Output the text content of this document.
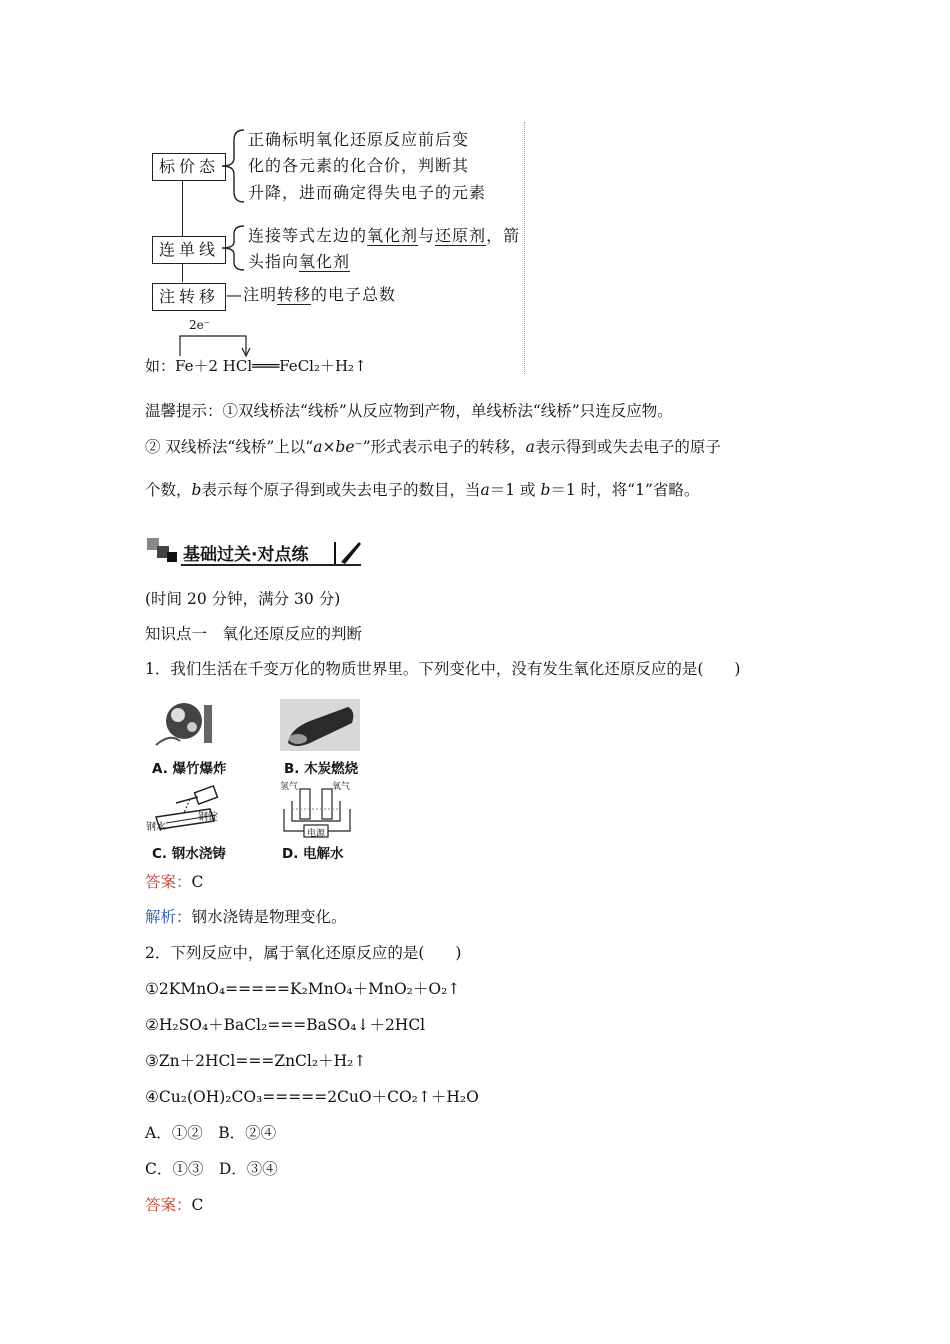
标价态
连单线
注转移
正确标明氧化还原反应前后变
化的各元素的化合价，判断其
升降，进而确定得失电子的元素
连接等式左边的氧化剂与还原剂，箭
头指向氧化剂
—注明转移的电子总数
2e⁻
如：Fe＋2 HCl═══FeCl₂＋H₂↑
温馨提示：①双线桥法“线桥”从反应物到产物，单线桥法“线桥”只连反应物。
② 双线桥法“线桥”上以“a×be⁻”形式表示电子的转移，a表示得到或失去电子的原子
个数，b表示每个原子得到或失去电子的数目，当a＝1 或 b＝1 时，将“1”省略。
基础过关·对点练
(时间 20 分钟，满分 30 分)
知识点一　氧化还原反应的判断
1．我们生活在千变万化的物质世界里。下列变化中，没有发生氧化还原反应的是(　　)
A. 爆竹爆炸	B. 木炭燃烧
钢水
钢锭
氢气	氧气
电源
C. 钢水浇铸	D. 电解水
答案：C
解析：钢水浇铸是物理变化。
2．下列反应中，属于氧化还原反应的是(　　)
①2KMnO₄=====K₂MnO₄＋MnO₂＋O₂↑
②H₂SO₄＋BaCl₂===BaSO₄↓＋2HCl
③Zn＋2HCl===ZnCl₂＋H₂↑
④Cu₂(OH)₂CO₃=====2CuO＋CO₂↑＋H₂O
A．①②　B．②④
C．①③　D．③④
答案：C
